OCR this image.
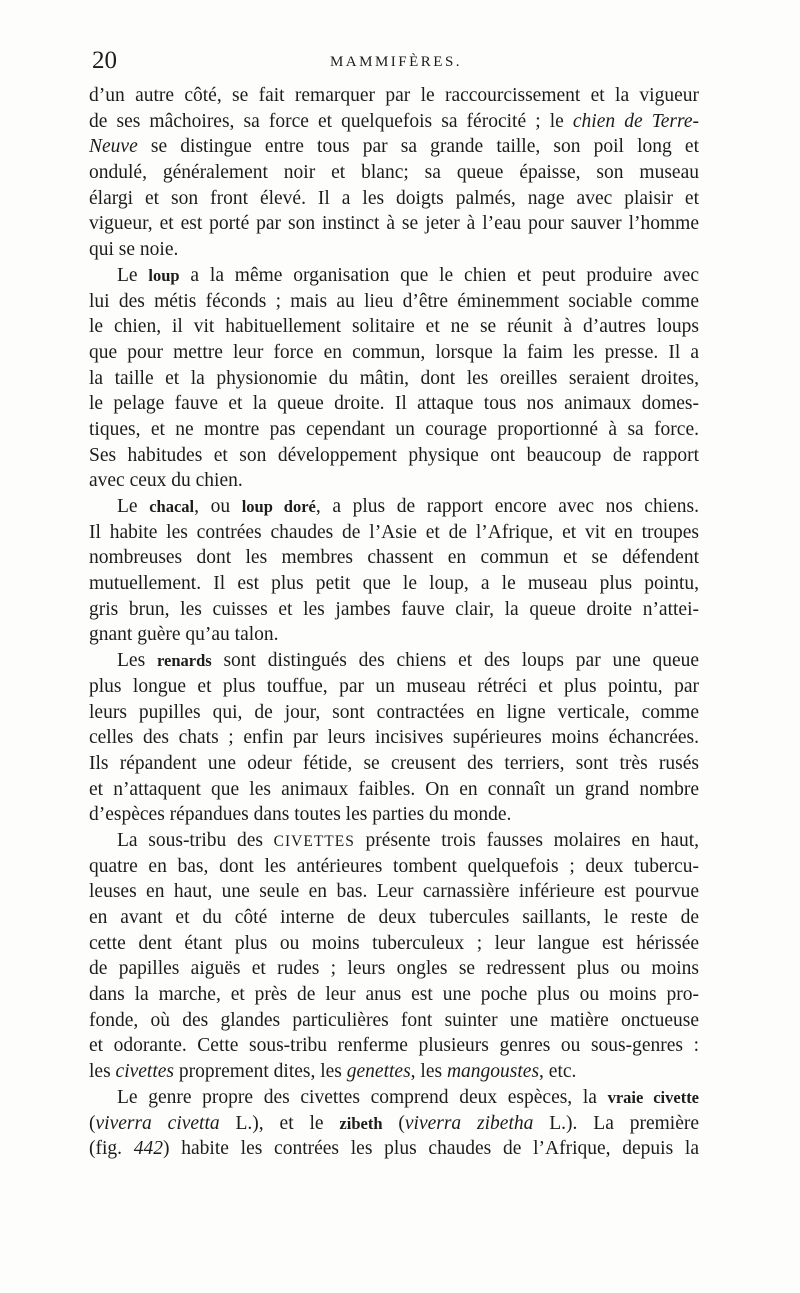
20	MAMMIFÈRES.
d’un autre côté, se fait remarquer par le raccourcissement et la vigueur
de ses mâchoires, sa force et quelquefois sa férocité ; le chien de Terre-
Neuve se distingue entre tous par sa grande taille, son poil long et
ondulé, généralement noir et blanc; sa queue épaisse, son museau
élargi et son front élevé. Il a les doigts palmés, nage avec plaisir et
vigueur, et est porté par son instinct à se jeter à l’eau pour sauver l’homme
qui se noie.
Le loup a la même organisation que le chien et peut produire avec
lui des métis féconds ; mais au lieu d’être éminemment sociable comme
le chien, il vit habituellement solitaire et ne se réunit à d’autres loups
que pour mettre leur force en commun, lorsque la faim les presse. Il a
la taille et la physionomie du mâtin, dont les oreilles seraient droites,
le pelage fauve et la queue droite. Il attaque tous nos animaux domes-
tiques, et ne montre pas cependant un courage proportionné à sa force.
Ses habitudes et son développement physique ont beaucoup de rapport
avec ceux du chien.
Le chacal, ou loup doré, a plus de rapport encore avec nos chiens.
Il habite les contrées chaudes de l’Asie et de l’Afrique, et vit en troupes
nombreuses dont les membres chassent en commun et se défendent
mutuellement. Il est plus petit que le loup, a le museau plus pointu,
gris brun, les cuisses et les jambes fauve clair, la queue droite n’attei-
gnant guère qu’au talon.
Les renards sont distingués des chiens et des loups par une queue
plus longue et plus touffue, par un museau rétréci et plus pointu, par
leurs pupilles qui, de jour, sont contractées en ligne verticale, comme
celles des chats ; enfin par leurs incisives supérieures moins échancrées.
Ils répandent une odeur fétide, se creusent des terriers, sont très rusés
et n’attaquent que les animaux faibles. On en connaît un grand nombre
d’espèces répandues dans toutes les parties du monde.
La sous-tribu des CIVETTES présente trois fausses molaires en haut,
quatre en bas, dont les antérieures tombent quelquefois ; deux tubercu-
leuses en haut, une seule en bas. Leur carnassière inférieure est pourvue
en avant et du côté interne de deux tubercules saillants, le reste de
cette dent étant plus ou moins tuberculeux ; leur langue est hérissée
de papilles aiguës et rudes ; leurs ongles se redressent plus ou moins
dans la marche, et près de leur anus est une poche plus ou moins pro-
fonde, où des glandes particulières font suinter une matière onctueuse
et odorante. Cette sous-tribu renferme plusieurs genres ou sous-genres :
les civettes proprement dites, les genettes, les mangoustes, etc.
Le genre propre des civettes comprend deux espèces, la vraie civette
(viverra civetta L.), et le zibeth (viverra zibetha L.). La première
(fig. 442) habite les contrées les plus chaudes de l’Afrique, depuis la
